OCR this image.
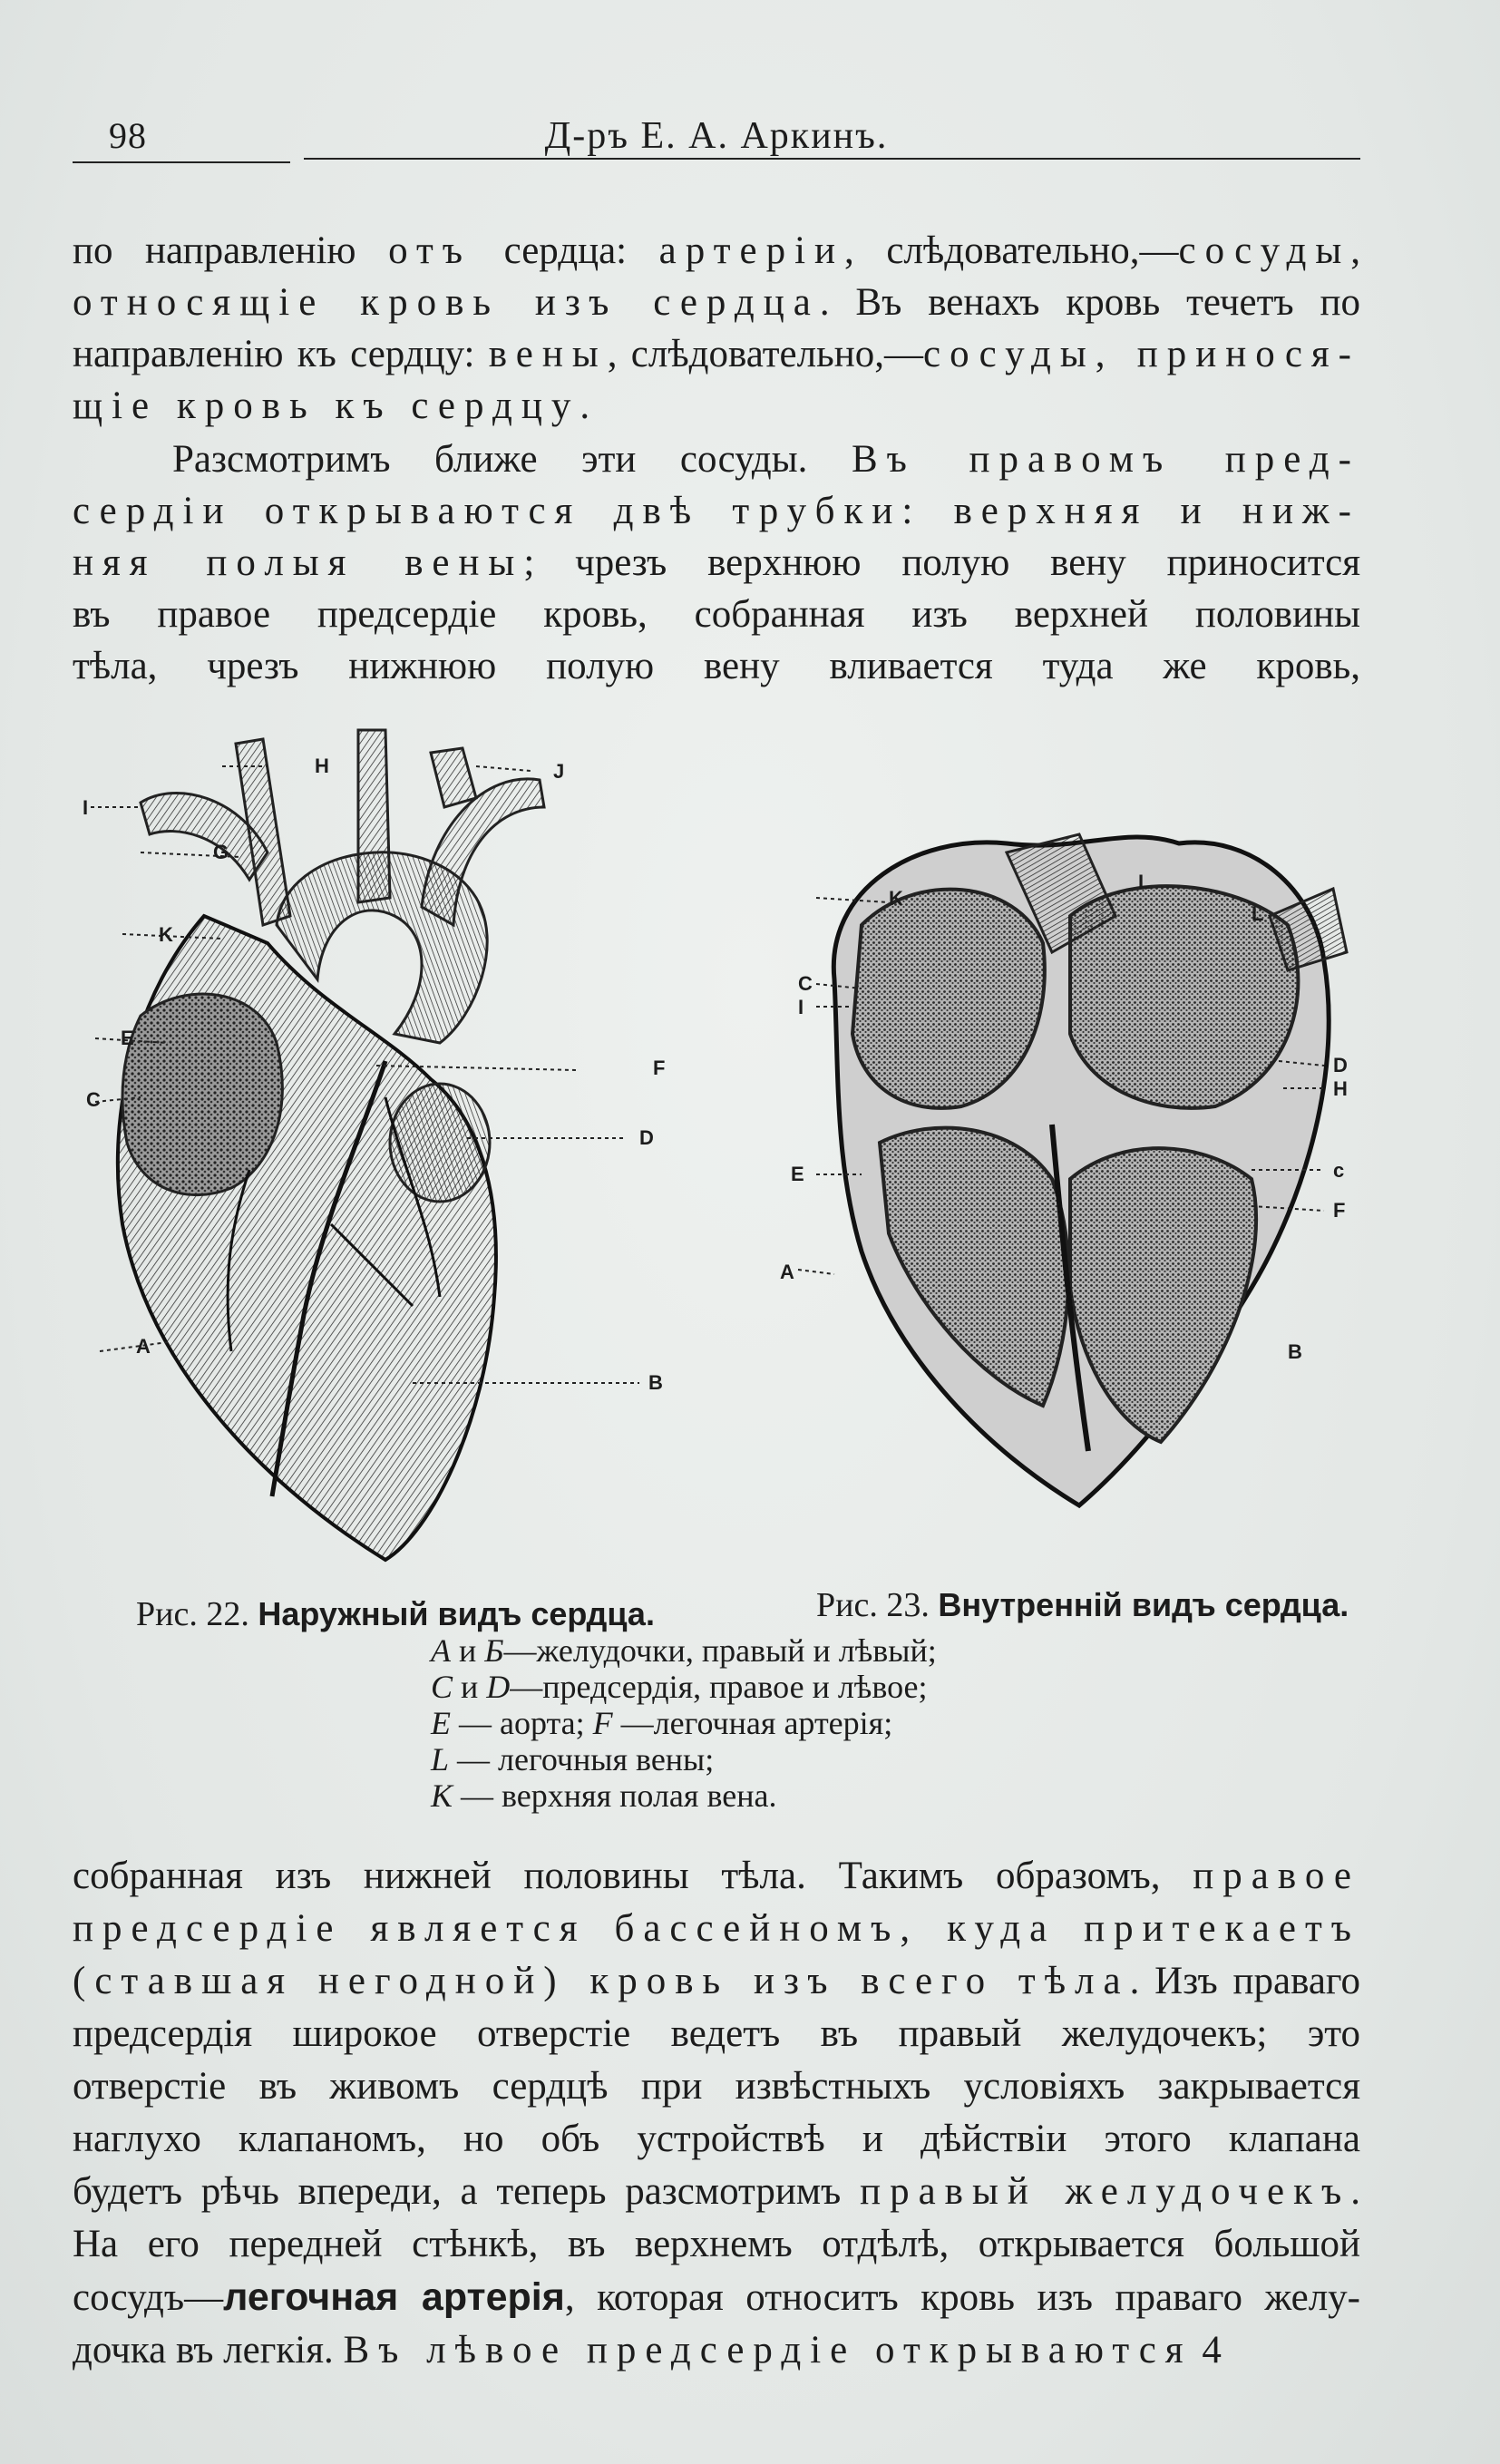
98	Д-ръ Е. А. Аркинъ.
по направленію отъ сердца: артеріи, слѣдовательно,—сосуды,
относящіе кровь изъ сердца. Въ венахъ кровь течетъ по
направленію къ сердцу: вены, слѣдовательно,—сосуды, принося-
щіе кровь къ сердцу.
Разсмотримъ ближе эти сосуды. Въ правомъ пред-
сердіи открываются двѣ трубки: верхняя и ниж-
няя полыя вены; чрезъ верхнюю полую вену приносится
въ правое предсердіе кровь, собранная изъ верхней половины
тѣла, чрезъ нижнюю полую вену вливается туда же кровь,
H
I
J
G
K
E
C
F
D
A
B
K
L
L
C
I
D
H
E	c
F
A
B
Рис. 22. Наружный видъ сердца.	Рис. 23. Внутренній видъ сердца.
A и Б—желудочки, правый и лѣвый;
C и D—предсердія, правое и лѣвое;
E — аорта; F —легочная артерія;
L — легочныя вены;
K — верхняя полая вена.
собранная изъ нижней половины тѣла. Такимъ образомъ, правое
предсердіе является бассейномъ, куда притекаетъ
(ставшая негодной) кровь изъ всего тѣла. Изъ праваго
предсердія широкое отверстіе ведетъ въ правый желудочекъ; это
отверстіе въ живомъ сердцѣ при извѣстныхъ условіяхъ закрывается
наглухо клапаномъ, но объ устройствѣ и дѣйствіи этого клапана
будетъ рѣчь впереди, а теперь разсмотримъ правый желудочекъ.
На его передней стѣнкѣ, въ верхнемъ отдѣлѣ, открывается большой
сосудъ—легочная артерія, которая относитъ кровь изъ праваго желу-
дочка въ легкія. Въ лѣвое предсердіе открываются 4
